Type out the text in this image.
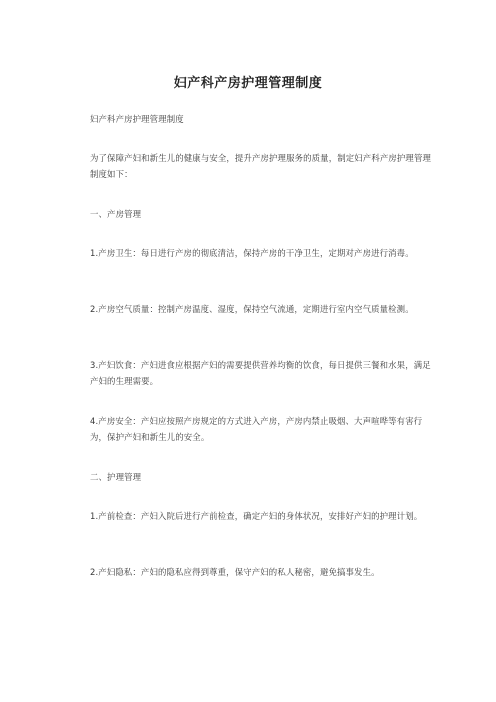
妇产科产房护理管理制度
妇产科产房护理管理制度
为了保障产妇和新生儿的健康与安全，提升产房护理服务的质量，制定妇产科产房护理管理制度如下：
一、产房管理
1.产房卫生：每日进行产房的彻底清洁，保持产房的干净卫生，定期对产房进行消毒。
2.产房空气质量：控制产房温度、湿度，保持空气流通，定期进行室内空气质量检测。
3.产妇饮食：产妇进食应根据产妇的需要提供营养均衡的饮食，每日提供三餐和水果，满足产妇的生理需要。
4.产房安全：产妇应按照产房规定的方式进入产房，产房内禁止吸烟、大声喧哗等有害行为，保护产妇和新生儿的安全。
二、护理管理
1.产前检查：产妇入院后进行产前检查，确定产妇的身体状况，安排好产妇的护理计划。
2.产妇隐私：产妇的隐私应得到尊重，保守产妇的私人秘密，避免搞事发生。
